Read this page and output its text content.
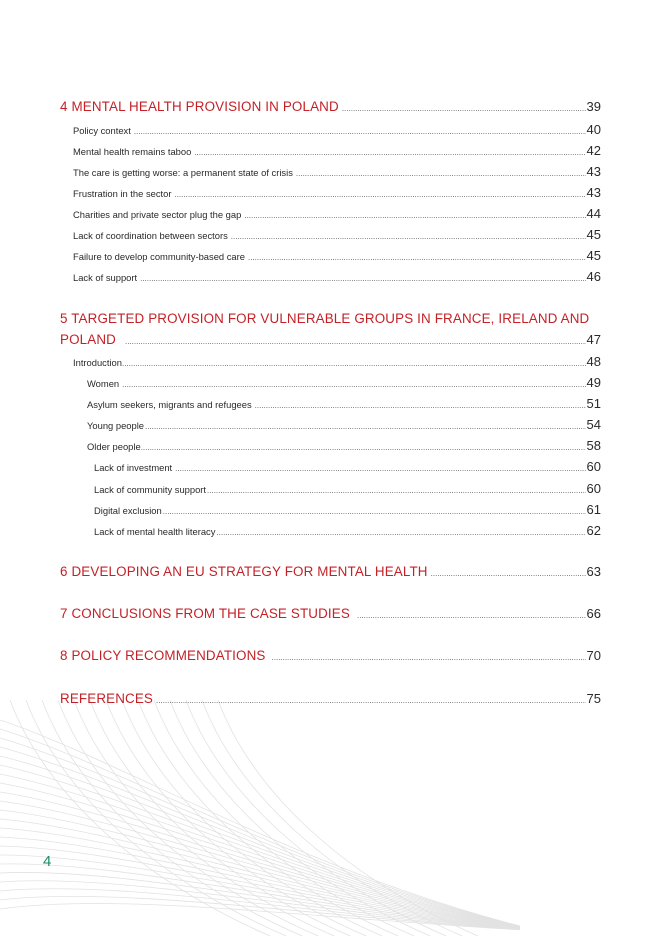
4 MENTAL HEALTH PROVISION IN POLAND .....	39
Policy context .....	40
Mental health remains taboo .....	42
The care is getting worse: a permanent state of crisis .....	43
Frustration in the sector .....	43
Charities and private sector plug the gap .....	44
Lack of coordination between sectors .....	45
Failure to develop community-based care .....	45
Lack of support .....	46
5 TARGETED PROVISION FOR VULNERABLE GROUPS IN FRANCE, IRELAND AND
POLAND .....	47
Introduction .....	48
Women .....	49
Asylum seekers, migrants and refugees .....	51
Young people .....	54
Older people .....	58
Lack of investment .....	60
Lack of community support .....	60
Digital exclusion .....	61
Lack of mental health literacy .....	62
6 DEVELOPING AN EU STRATEGY FOR MENTAL HEALTH .....	63
7 CONCLUSIONS FROM THE CASE STUDIES .....	66
8 POLICY RECOMMENDATIONS .....	70
REFERENCES .....	75
4
